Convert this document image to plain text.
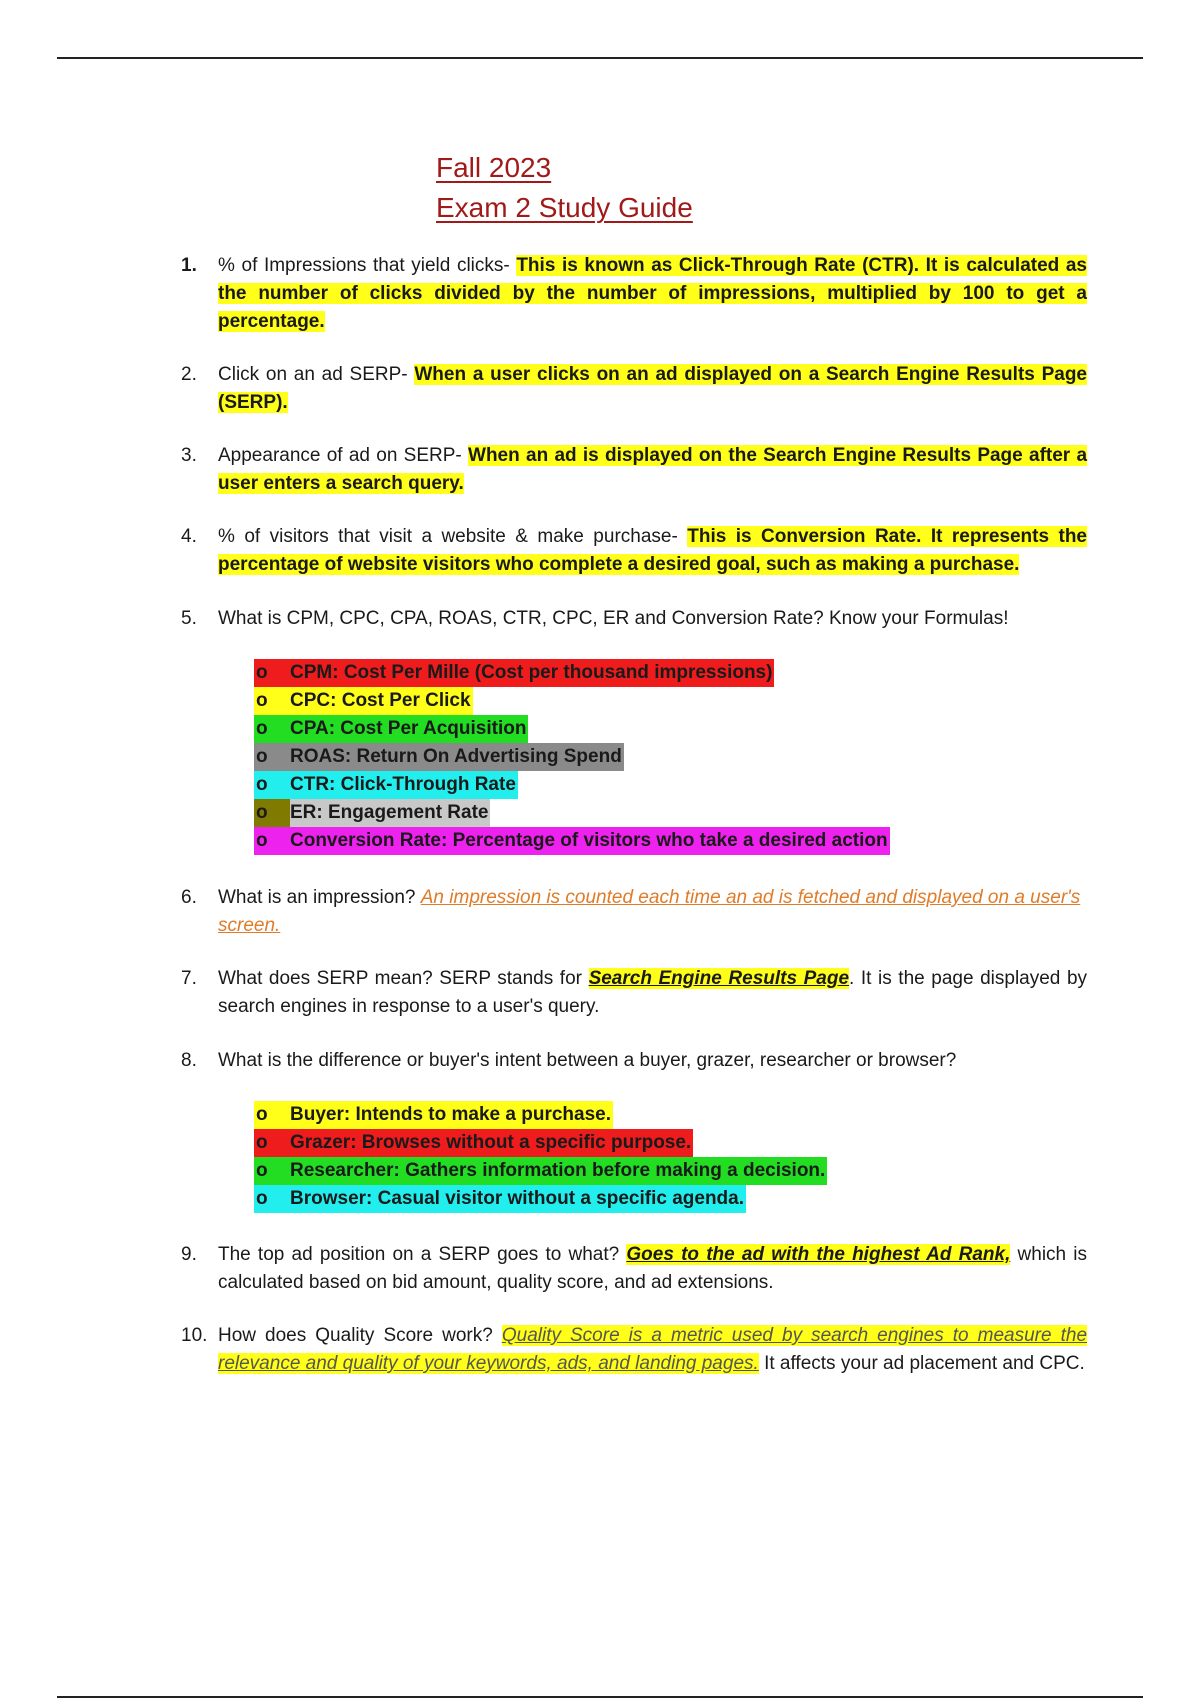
Fall 2023
Exam 2 Study Guide
1.	% of Impressions that yield clicks- This is known as Click-Through Rate (CTR). It is calculated as the number of clicks divided by the number of impressions, multiplied by 100 to get a percentage.
2.	Click on an ad SERP- When a user clicks on an ad displayed on a Search Engine Results Page (SERP).
3.	Appearance of ad on SERP- When an ad is displayed on the Search Engine Results Page after a user enters a search query.
4.	% of visitors that visit a website & make purchase- This is Conversion Rate. It represents the percentage of website visitors who complete a desired goal, such as making a purchase.
5.	What is CPM, CPC, CPA, ROAS, CTR, CPC, ER and Conversion Rate? Know your Formulas!
o CPM: Cost Per Mille (Cost per thousand impressions)
o CPC: Cost Per Click
o CPA: Cost Per Acquisition
o ROAS: Return On Advertising Spend
o CTR: Click-Through Rate
o ER: Engagement Rate
o Conversion Rate: Percentage of visitors who take a desired action
6.	What is an impression? An impression is counted each time an ad is fetched and displayed on a user's screen.
7.	What does SERP mean? SERP stands for Search Engine Results Page. It is the page displayed by search engines in response to a user's query.
8.	What is the difference or buyer's intent between a buyer, grazer, researcher or browser?
o Buyer: Intends to make a purchase.
o Grazer: Browses without a specific purpose.
o Researcher: Gathers information before making a decision.
o Browser: Casual visitor without a specific agenda.
9.	The top ad position on a SERP goes to what? Goes to the ad with the highest Ad Rank, which is calculated based on bid amount, quality score, and ad extensions.
10. How does Quality Score work? Quality Score is a metric used by search engines to measure the relevance and quality of your keywords, ads, and landing pages. It affects your ad placement and CPC.
